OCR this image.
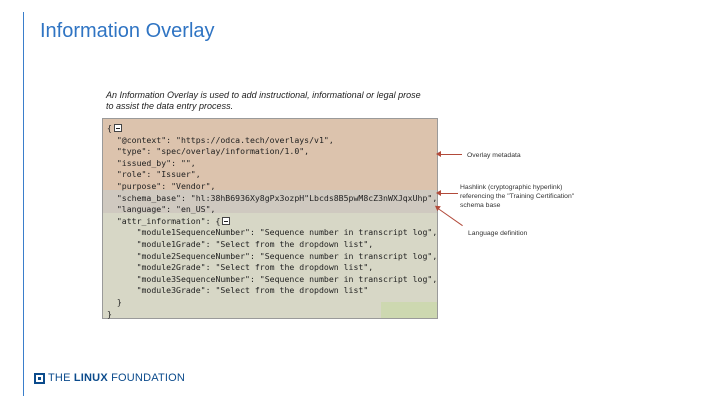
Information Overlay
An Information Overlay is used to add instructional, informational or legal prose
to assist the data entry process.
{
"@context": "https://odca.tech/overlays/v1",
"type": "spec/overlay/information/1.0",
"issued_by": "",
"role": "Issuer",
"purpose": "Vendor",
"schema_base": "hl:38hB6936Xy8gPx3ozpH"Lbcds8B5pwM8cZ3nWXJqxUhp",
"language": "en_US",
"attr_information": {
"module1SequenceNumber": "Sequence number in transcript log",
"module1Grade": "Select from the dropdown list",
"module2SequenceNumber": "Sequence number in transcript log",
"module2Grade": "Select from the dropdown list",
"module3SequenceNumber": "Sequence number in transcript log",
"module3Grade": "Select from the dropdown list"
}
}
Overlay metadata
Hashlink (cryptographic hyperlink)
referencing the "Training Certification"
schema base
Language definition
THE LINUX FOUNDATION
